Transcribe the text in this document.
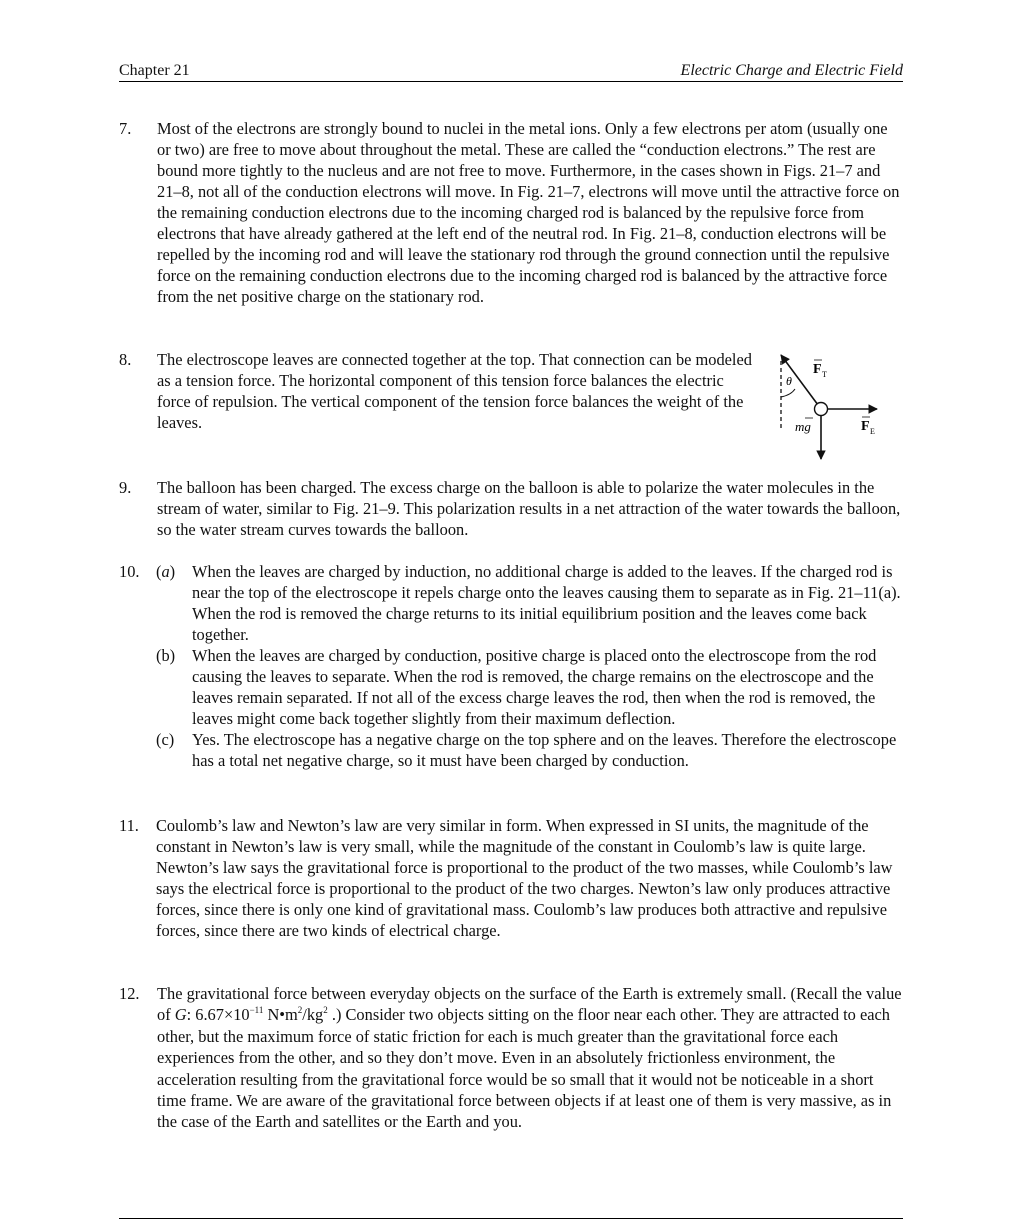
Chapter 21	Electric Charge and Electric Field
7. Most of the electrons are strongly bound to nuclei in the metal ions. Only a few electrons per atom (usually one or two) are free to move about throughout the metal. These are called the “conduction electrons.” The rest are bound more tightly to the nucleus and are not free to move. Furthermore, in the cases shown in Figs. 21–7 and 21–8, not all of the conduction electrons will move. In Fig. 21–7, electrons will move until the attractive force on the remaining conduction electrons due to the incoming charged rod is balanced by the repulsive force from electrons that have already gathered at the left end of the neutral rod. In Fig. 21–8, conduction electrons will be repelled by the incoming rod and will leave the stationary rod through the ground connection until the repulsive force on the remaining conduction electrons due to the incoming charged rod is balanced by the attractive force from the net positive charge on the stationary rod.
8. The electroscope leaves are connected together at the top. That connection can be modeled as a tension force. The horizontal component of this tension force balances the electric force of repulsion. The vertical component of the tension force balances the weight of the leaves.
θ
F T
mg	F E
9. The balloon has been charged. The excess charge on the balloon is able to polarize the water molecules in the stream of water, similar to Fig. 21–9. This polarization results in a net attraction of the water towards the balloon, so the water stream curves towards the balloon.
10. (a) When the leaves are charged by induction, no additional charge is added to the leaves. If the charged rod is near the top of the electroscope it repels charge onto the leaves causing them to separate as in Fig. 21–11(a). When the rod is removed the charge returns to its initial equilibrium position and the leaves come back together.
(b) When the leaves are charged by conduction, positive charge is placed onto the electroscope from the rod causing the leaves to separate. When the rod is removed, the charge remains on the electroscope and the leaves remain separated. If not all of the excess charge leaves the rod, then when the rod is removed, the leaves might come back together slightly from their maximum deflection.
(c) Yes. The electroscope has a negative charge on the top sphere and on the leaves. Therefore the electroscope has a total net negative charge, so it must have been charged by conduction.
11. Coulomb’s law and Newton’s law are very similar in form. When expressed in SI units, the magnitude of the constant in Newton’s law is very small, while the magnitude of the constant in Coulomb’s law is quite large. Newton’s law says the gravitational force is proportional to the product of the two masses, while Coulomb’s law says the electrical force is proportional to the product of the two charges. Newton’s law only produces attractive forces, since there is only one kind of gravitational mass. Coulomb’s law produces both attractive and repulsive forces, since there are two kinds of electrical charge.
12. The gravitational force between everyday objects on the surface of the Earth is extremely small. (Recall the value of G: $6.67\times 10^{-11}$ $N•m^2/kg^2$ .) Consider two objects sitting on the floor near each other. They are attracted to each other, but the maximum force of static friction for each is much greater than the gravitational force each experiences from the other, and so they don’t move. Even in an absolutely frictionless environment, the acceleration resulting from the gravitational force would be so small that it would not be noticeable in a short time frame. We are aware of the gravitational force between objects if at least one of them is very massive, as in the case of the Earth and satellites or the Earth and you.
